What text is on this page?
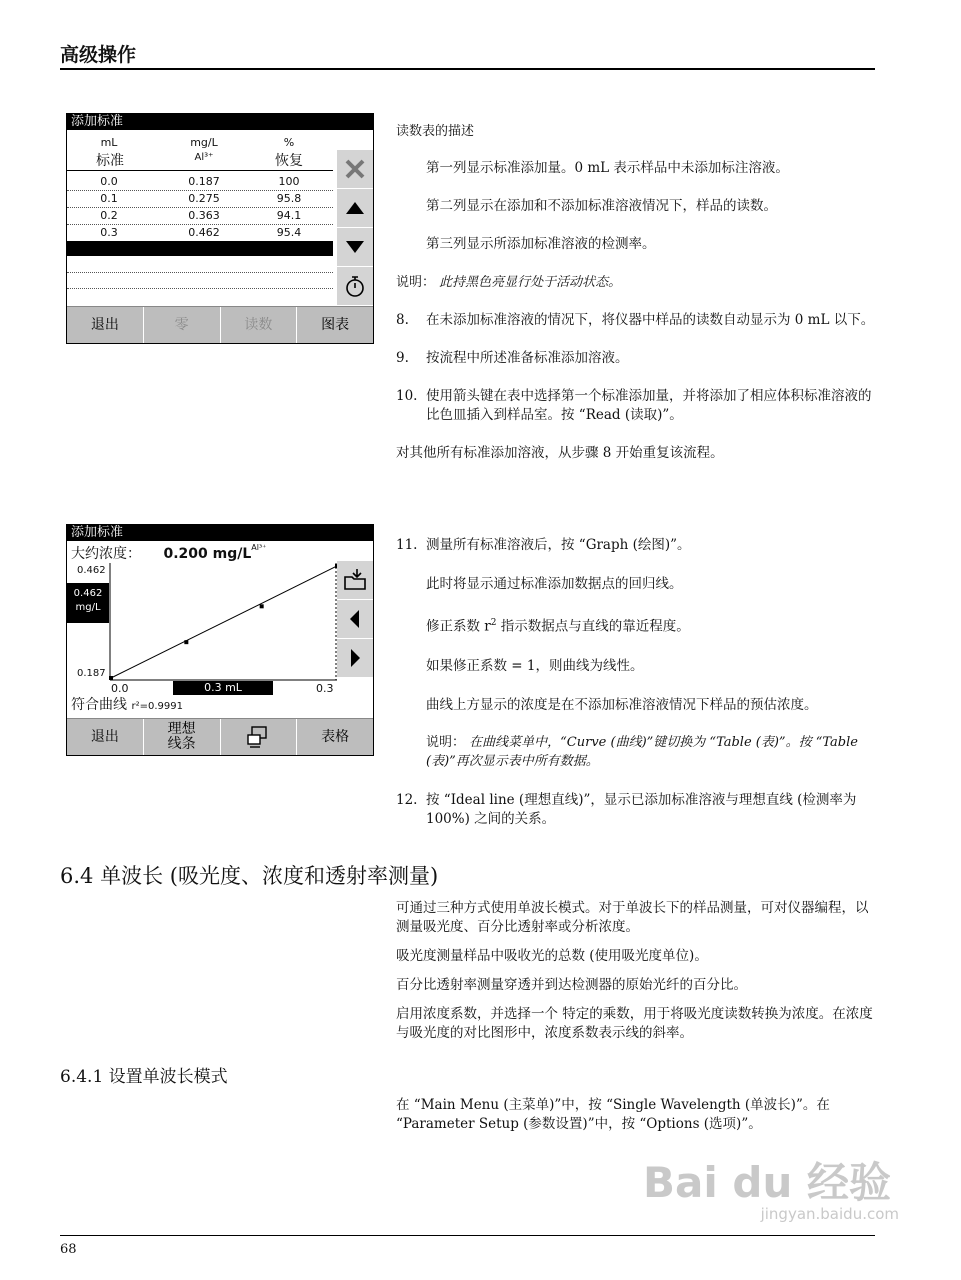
高级操作
添加标准
mL	mg/L	%
标准	Al³⁺	恢复
0.0	0.187	100
0.1	0.275	95.8
0.2	0.363	94.1
0.3	0.462	95.4
退出	零	读数	图表
读数表的描述
第一列显示标准添加量。0 mL 表示样品中未添加标注溶液。
第二列显示在添加和不添加标准溶液情况下，样品的读数。
第三列显示所添加标准溶液的检测率。
说明： 此持黑色亮显行处于活动状态。
8. 在未添加标准溶液的情况下，将仪器中样品的读数自动显示为 0 mL 以下。
9. 按流程中所述准备标准添加溶液。
10. 使用箭头键在表中选择第一个标准添加量，并将添加了相应体积标准溶液的比色皿插入到样品室。按 “Read (读取)”。
对其他所有标准添加溶液，从步骤 8 开始重复该流程。
添加标准
大约浓度： 0.200 $mg/L^{Al^{3+}}$
0.462
0.462
mg/L
0.187
0.0	0.3 mL	0.3
符合曲线 r²=0.9991
退出	理想线条	表格
11. 测量所有标准溶液后，按 “Graph (绘图)”。
此时将显示通过标准添加数据点的回归线。
修正系数 $r^2$ 指示数据点与直线的靠近程度。
如果修正系数 = 1，则曲线为线性。
曲线上方显示的浓度是在不添加标准溶液情况下样品的预估浓度。
说明： 在曲线菜单中，“Curve (曲线)”键切换为 “Table (表)”。按 “Table (表)”再次显示表中所有数据。
12. 按 “Ideal line (理想直线)”，显示已添加标准溶液与理想直线 (检测率为 100%) 之间的关系。
6.4 单波长 (吸光度、浓度和透射率测量)
可通过三种方式使用单波长模式。对于单波长下的样品测量，可对仪器编程，以测量吸光度、百分比透射率或分析浓度。
吸光度测量样品中吸收光的总数 (使用吸光度单位)。
百分比透射率测量穿透并到达检测器的原始光纤的百分比。
启用浓度系数，并选择一个 特定的乘数，用于将吸光度读数转换为浓度。在浓度与吸光度的对比图形中，浓度系数表示线的斜率。
6.4.1 设置单波长模式
在 “Main Menu (主菜单)”中，按 “Single Wavelength (单波长)”。在 “Parameter Setup (参数设置)”中，按 “Options (选项)”。
Bai du 经验
jingyan.baidu.com
68
